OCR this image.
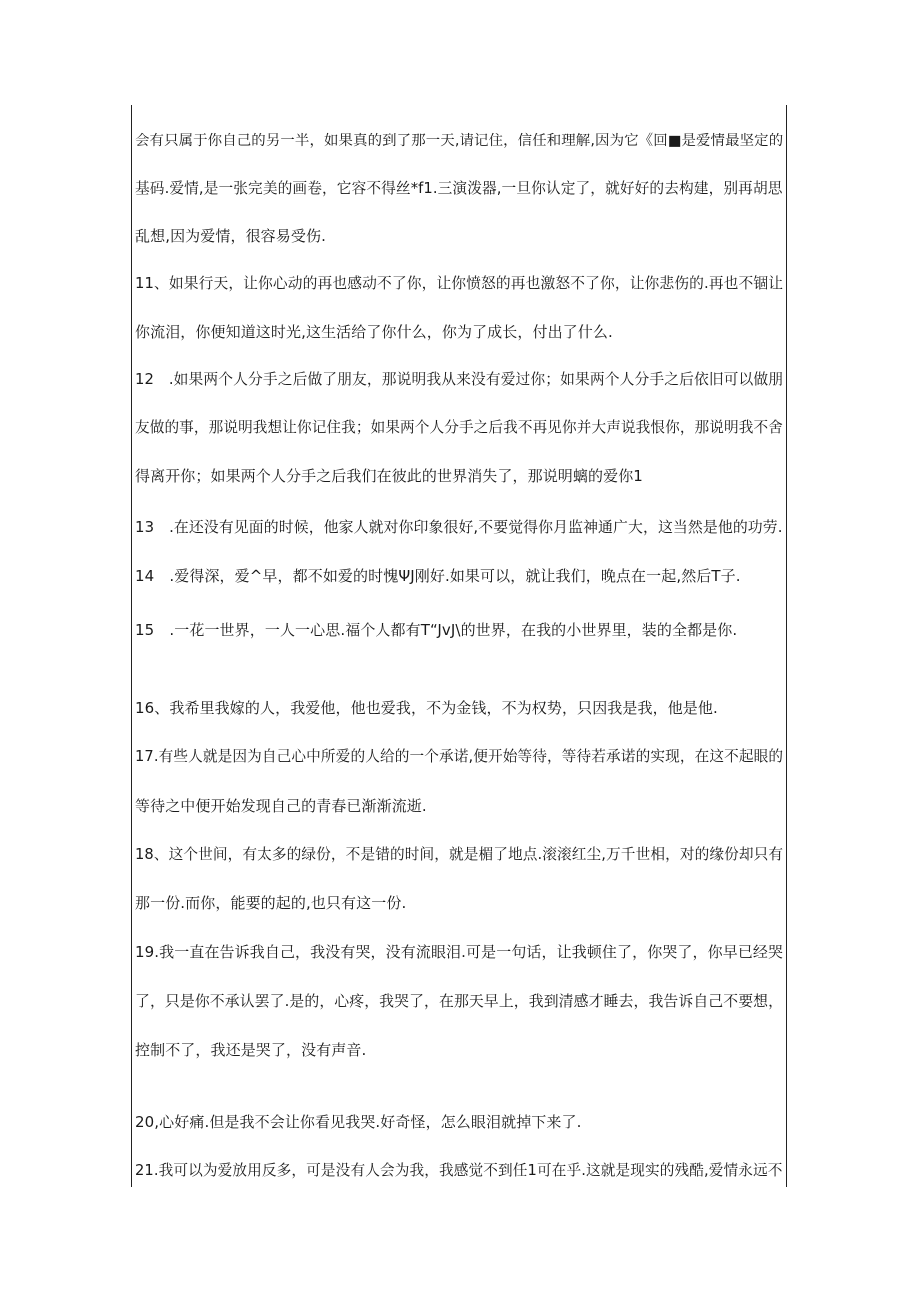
会有只属于你自己的另一半，如果真的到了那一天,请记住，信任和理解,因为它《回■是爱情最坚定的
基码.爱情,是一张完美的画卷，它容不得丝*f1.三演泼器,一旦你认定了，就好好的去构建，别再胡思
乱想,因为爱情，很容易受伤.
11、如果行天，让你心动的再也感动不了你，让你愤怒的再也激怒不了你，让你悲伤的.再也不锢让
你流泪，你便知道这时光,这生活给了你什么，你为了成长，付出了什么.
12　.如果两个人分手之后做了朋友，那说明我从来没有爱过你；如果两个人分手之后依旧可以做朋
友做的事，那说明我想让你记住我；如果两个人分手之后我不再见你并大声说我恨你，那说明我不舍
得离开你；如果两个人分手之后我们在彼此的世界消失了，那说明螭的爱你1
13　.在还没有见面的时候，他家人就对你印象很好,不要觉得你月监神通广大，这当然是他的功劳.
14　.爱得深，爱^早，都不如爱的时愧ΨJ刚好.如果可以，就让我们，晚点在一起,然后T子.
15　.一花一世界，一人一心思.福个人都有T“JvJ\的世界，在我的小世界里，装的全都是你.
16、我希里我嫁的人，我爱他，他也爱我，不为金钱，不为权势，只因我是我，他是他.
17.有些人就是因为自己心中所爱的人给的一个承诺,便开始等待，等待若承诺的实现，在这不起眼的
等待之中便开始发现自己的青春已渐渐流逝.
18、这个世间，有太多的绿份，不是错的时间，就是楣了地点.滚滚红尘,万千世相，对的缘份却只有
那一份.而你，能要的起的,也只有这一份.
19.我一直在告诉我自己，我没有哭，没有流眼泪.可是一句话，让我顿住了，你哭了，你早已经哭
了，只是你不承认罢了.是的，心疼，我哭了，在那天早上，我到清感才睡去，我告诉自己不要想，
控制不了，我还是哭了，没有声音.
20,心好痛.但是我不会让你看见我哭.好奇怪，怎么眼泪就掉下来了.
21.我可以为爱放用反多，可是没有人会为我，我感觉不到任1可在乎.这就是现实的残酷,爱情永远不
